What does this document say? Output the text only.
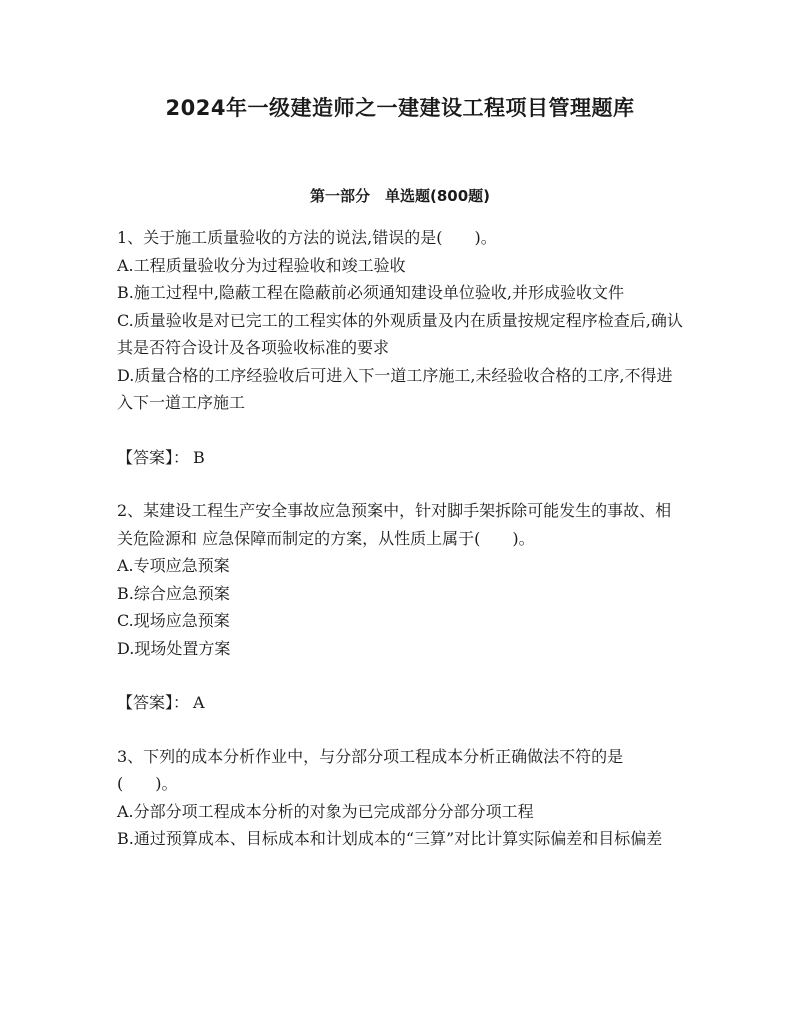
2024年一级建造师之一建建设工程项目管理题库
第一部分　单选题(800题)
1、关于施工质量验收的方法的说法,错误的是(　　)。
A.工程质量验收分为过程验收和竣工验收
B.施工过程中,隐蔽工程在隐蔽前必须通知建设单位验收,并形成验收文件
C.质量验收是对已完工的工程实体的外观质量及内在质量按规定程序检查后,确认其是否符合设计及各项验收标准的要求
D.质量合格的工序经验收后可进入下一道工序施工,未经验收合格的工序,不得进入下一道工序施工
【答案】： B
2、某建设工程生产安全事故应急预案中，针对脚手架拆除可能发生的事故、相关危险源和 应急保障而制定的方案，从性质上属于(　　)。
A.专项应急预案
B.综合应急预案
C.现场应急预案
D.现场处置方案
【答案】： A
3、下列的成本分析作业中，与分部分项工程成本分析正确做法不符的是(　　)。
A.分部分项工程成本分析的对象为已完成部分分部分项工程
B.通过预算成本、目标成本和计划成本的“三算”对比计算实际偏差和目标偏差
